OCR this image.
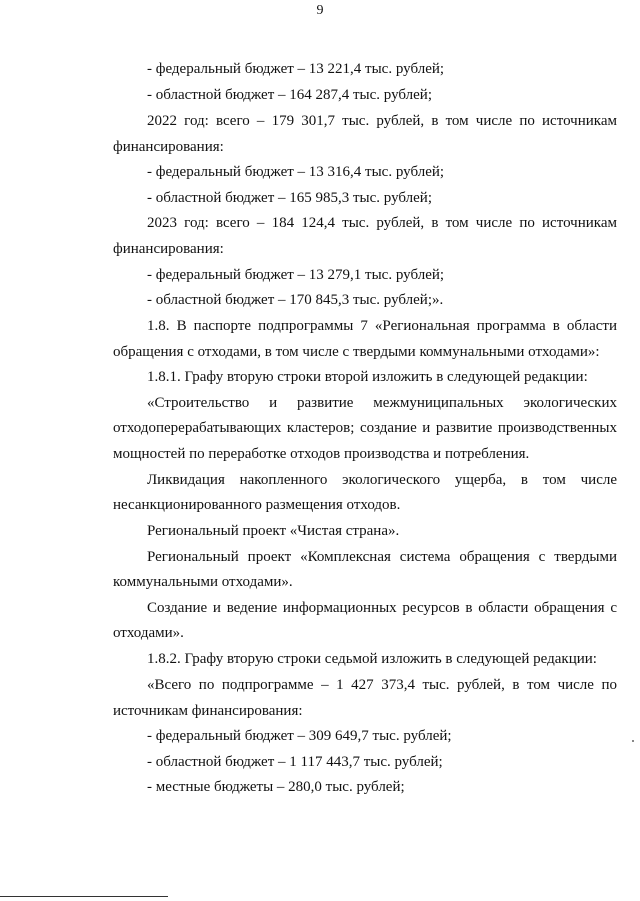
9
- федеральный бюджет – 13 221,4 тыс. рублей;
- областной бюджет – 164 287,4 тыс. рублей;
2022 год: всего – 179 301,7 тыс. рублей, в том числе по источникам
финансирования:
- федеральный бюджет – 13 316,4 тыс. рублей;
- областной бюджет – 165 985,3 тыс. рублей;
2023 год: всего – 184 124,4 тыс. рублей, в том числе по источникам
финансирования:
- федеральный бюджет – 13 279,1 тыс. рублей;
- областной бюджет – 170 845,3 тыс. рублей;».
1.8. В паспорте подпрограммы 7 «Региональная программа в области
обращения с отходами, в том числе с твердыми коммунальными отходами»:
1.8.1. Графу вторую строки второй изложить в следующей редакции:
«Строительство и развитие межмуниципальных экологических
отходоперерабатывающих кластеров; создание и развитие производственных
мощностей по переработке отходов производства и потребления.
Ликвидация накопленного экологического ущерба, в том числе
несанкционированного размещения отходов.
Региональный проект «Чистая страна».
Региональный проект «Комплексная система обращения с твердыми
коммунальными отходами».
Создание и ведение информационных ресурсов в области обращения с
отходами».
1.8.2. Графу вторую строки седьмой изложить в следующей редакции:
«Всего по подпрограмме – 1 427 373,4 тыс. рублей, в том числе по
источникам финансирования:
- федеральный бюджет – 309 649,7 тыс. рублей;
- областной бюджет – 1 117 443,7 тыс. рублей;
- местные бюджеты – 280,0 тыс. рублей;
